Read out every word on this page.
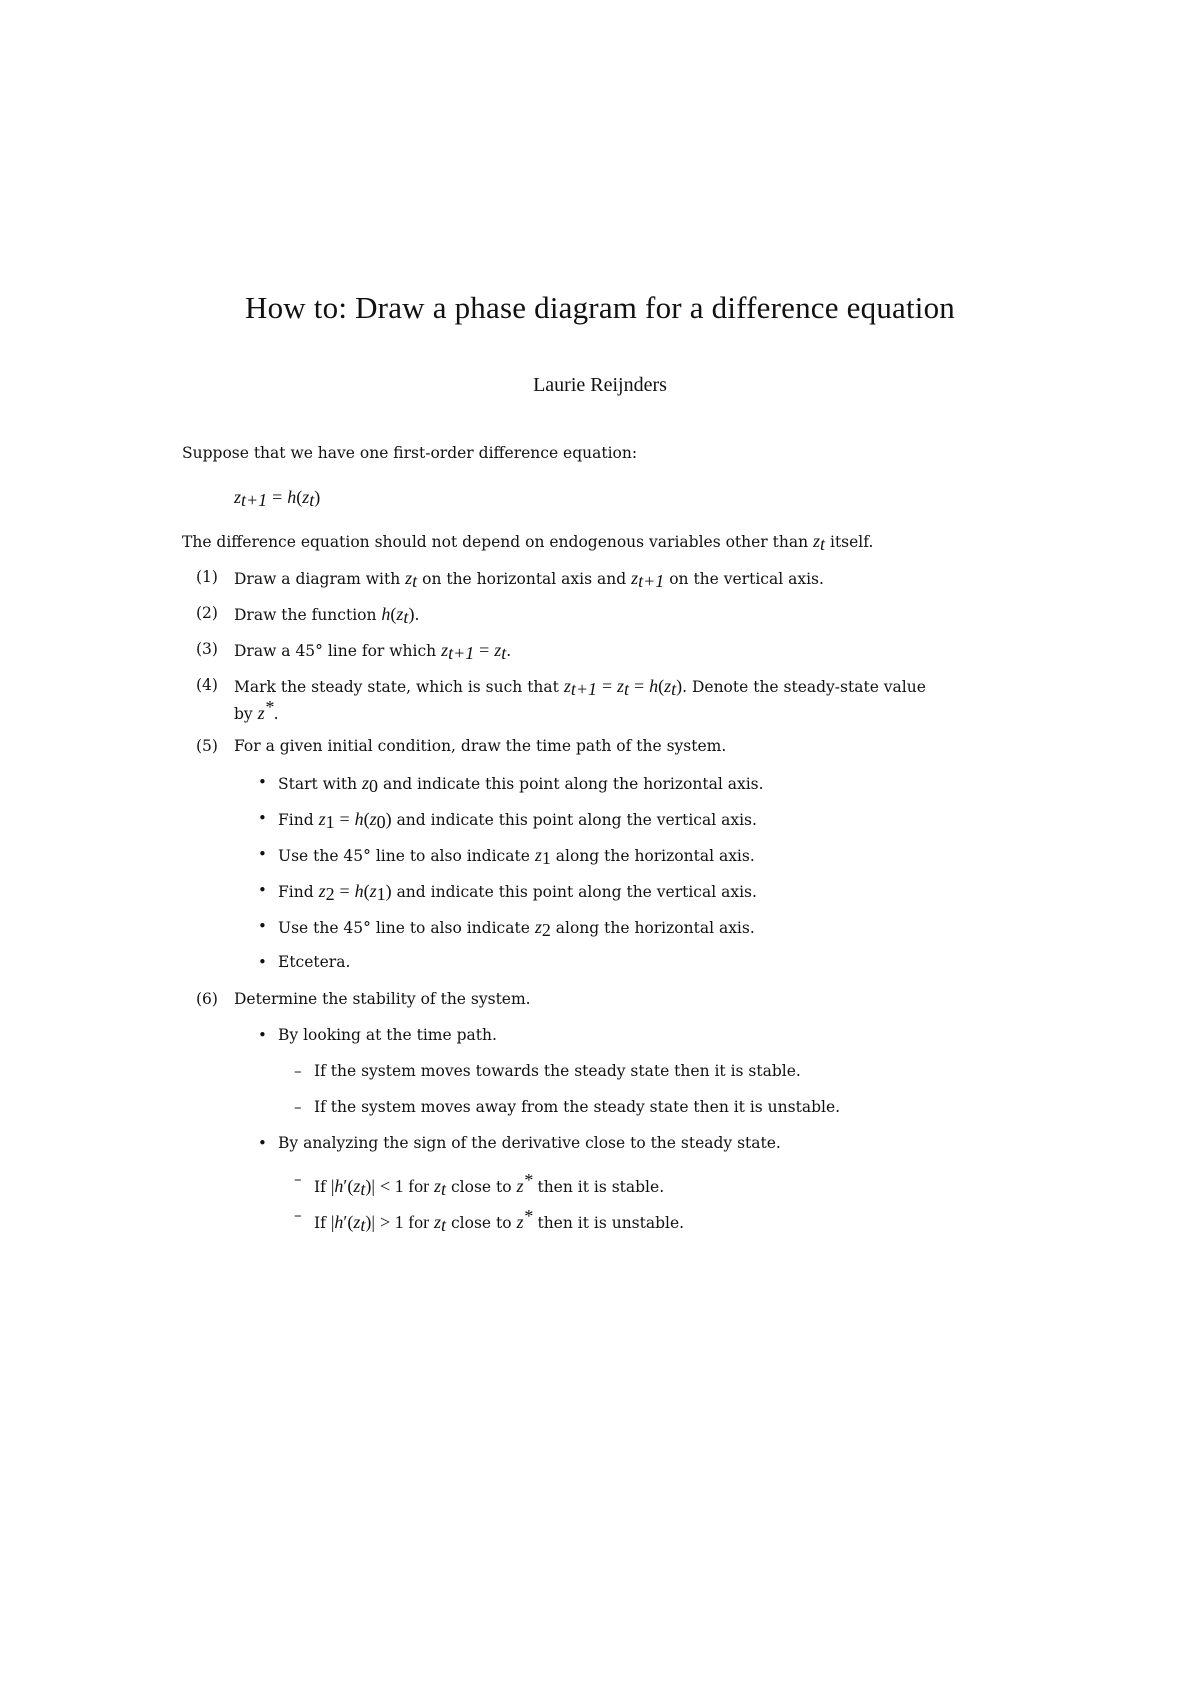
How to: Draw a phase diagram for a difference equation
Laurie Reijnders
Suppose that we have one first-order difference equation:
$z_{t+1} = h(z_t)$
The difference equation should not depend on endogenous variables other than $z_t$ itself.
(1) Draw a diagram with $z_t$ on the horizontal axis and $z_{t+1}$ on the vertical axis.
(2) Draw the function $h(z_t)$.
(3) Draw a 45° line for which $z_{t+1} = z_t$.
(4) Mark the steady state, which is such that $z_{t+1} = z_t = h(z_t)$. Denote the steady-state value
by z*.
(5) For a given initial condition, draw the time path of the system.
• Start with $z_0$ and indicate this point along the horizontal axis.
• Find $z_1 = h(z_0)$ and indicate this point along the vertical axis.
• Use the 45° line to also indicate $z_1$ along the horizontal axis.
• Find $z_2 = h(z_1)$ and indicate this point along the vertical axis.
• Use the 45° line to also indicate $z_2$ along the horizontal axis.
• Etcetera.
(6) Determine the stability of the system.
• By looking at the time path.
– If the system moves towards the steady state then it is stable.
– If the system moves away from the steady state then it is unstable.
• By analyzing the sign of the derivative close to the steady state.
– If $|h'(z_t)| < 1$ for $z_t$ close to z* then it is stable.
– If $|h'(z_t)| > 1$ for $z_t$ close to z* then it is unstable.
